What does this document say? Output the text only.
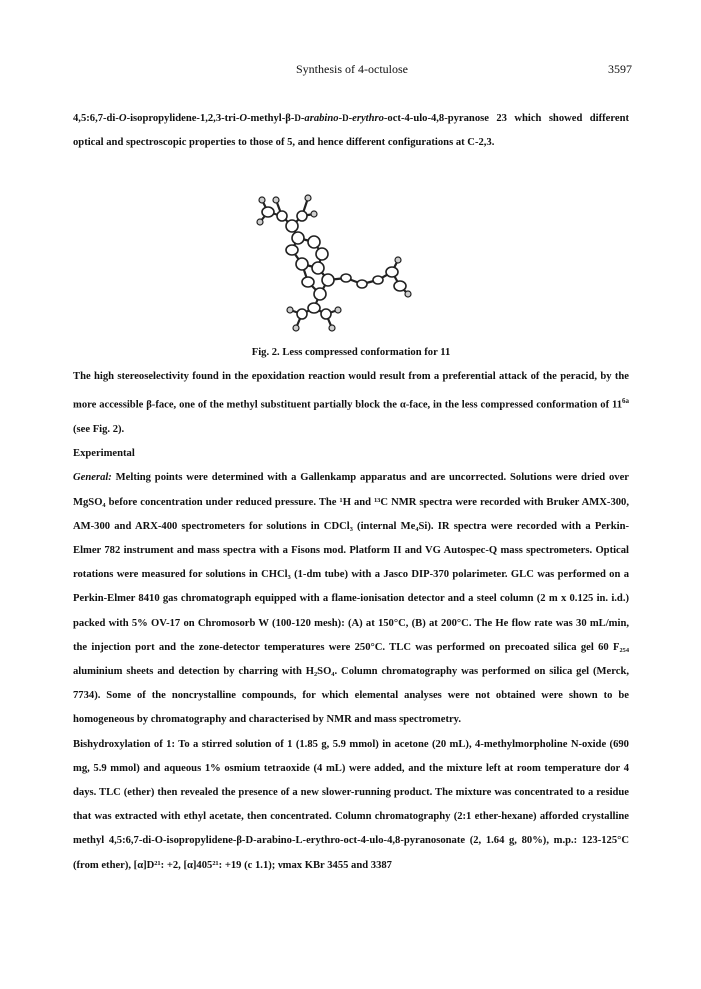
Synthesis of 4-octulose	3597

4,5:6,7-di-O-isopropylidene-1,2,3-tri-O-methyl-β-D-arabino-D-erythro-oct-4-ulo-4,8-pyranose 23 which showed different optical and spectroscopic properties to those of 5, and hence different configurations at C-2,3.

Fig. 2. Less compressed conformation for 11

The high stereoselectivity found in the epoxidation reaction would result from a preferential attack of the peracid, by the more accessible β-face, one of the methyl substituent partially block the α-face, in the less compressed conformation of $11^{6a}$ (see Fig. 2).

Experimental

General: Melting points were determined with a Gallenkamp apparatus and are uncorrected. Solutions were dried over MgSO₄ before concentration under reduced pressure. The ¹H and ¹³C NMR spectra were recorded with Bruker AMX-300, AM-300 and ARX-400 spectrometers for solutions in CDCl₃ (internal Me₄Si). IR spectra were recorded with a Perkin-Elmer 782 instrument and mass spectra with a Fisons mod. Platform II and VG Autospec-Q mass spectrometers. Optical rotations were measured for solutions in CHCl₃ (1-dm tube) with a Jasco DIP-370 polarimeter. GLC was performed on a Perkin-Elmer 8410 gas chromatograph equipped with a flame-ionisation detector and a steel column (2 m x 0.125 in. i.d.) packed with 5% OV-17 on Chromosorb W (100-120 mesh): (A) at 150°C, (B) at 200°C. The He flow rate was 30 mL/min, the injection port and the zone-detector temperatures were 250°C. TLC was performed on precoated silica gel 60 F₂₅₄ aluminium sheets and detection by charring with H₂SO₄. Column chromatography was performed on silica gel (Merck, 7734). Some of the noncrystalline compounds, for which elemental analyses were not obtained were shown to be homogeneous by chromatography and characterised by NMR and mass spectrometry.

Bishydroxylation of 1: To a stirred solution of 1 (1.85 g, 5.9 mmol) in acetone (20 mL), 4-methylmorpholine N-oxide (690 mg, 5.9 mmol) and aqueous 1% osmium tetraoxide (4 mL) were added, and the mixture left at room temperature dor 4 days. TLC (ether) then revealed the presence of a new slower-running product. The mixture was concentrated to a residue that was extracted with ethyl acetate, then concentrated. Column chromatography (2:1 ether-hexane) afforded crystalline methyl 4,5:6,7-di-O-isopropylidene-β-D-arabino-L-erythro-oct-4-ulo-4,8-pyranosonate (2, 1.64 g, 80%), m.p.: 123-125°C (from ether), [α]D²¹: +2, [α]405²¹: +19 (c 1.1); νmax KBr 3455 and 3387
